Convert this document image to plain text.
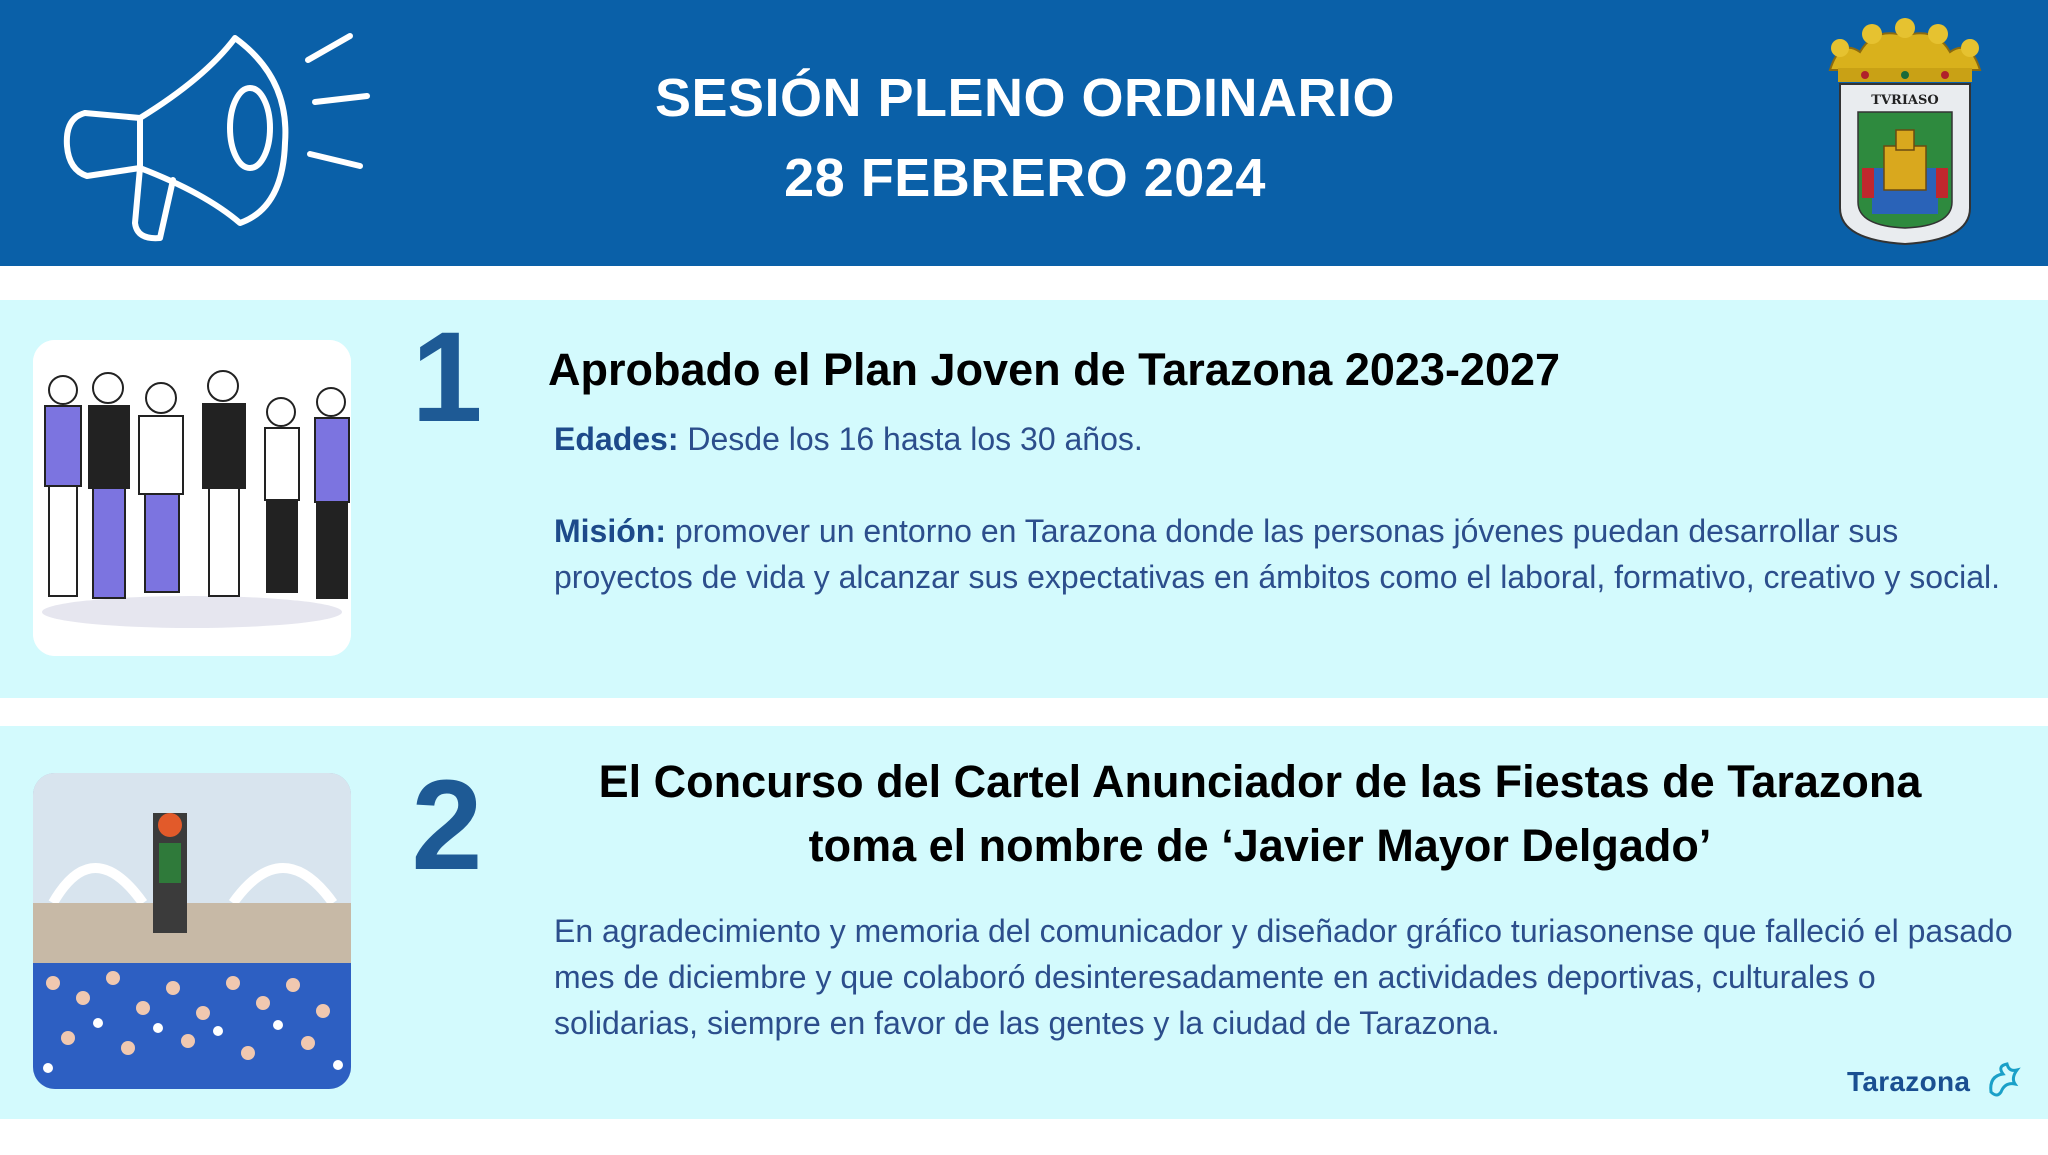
SESIÓN PLENO ORDINARIO
28 FEBRERO 2024
TVRIASO
1	Aprobado el Plan Joven de Tarazona 2023-2027

Edades: Desde los 16 hasta los 30 años.

Misión: promover un entorno en Tarazona donde las personas jóvenes puedan desarrollar sus proyectos de vida y alcanzar sus expectativas en ámbitos como el laboral, formativo, creativo y social.

2	El Concurso del Cartel Anunciador de las Fiestas de Tarazona
toma el nombre de ‘Javier Mayor Delgado’

En agradecimiento y memoria del comunicador y diseñador gráfico turiasonense que falleció el pasado mes de diciembre y que colaboró desinteresadamente en actividades deportivas, culturales o solidarias, siempre en favor de las gentes y la ciudad de Tarazona.

Tarazona
